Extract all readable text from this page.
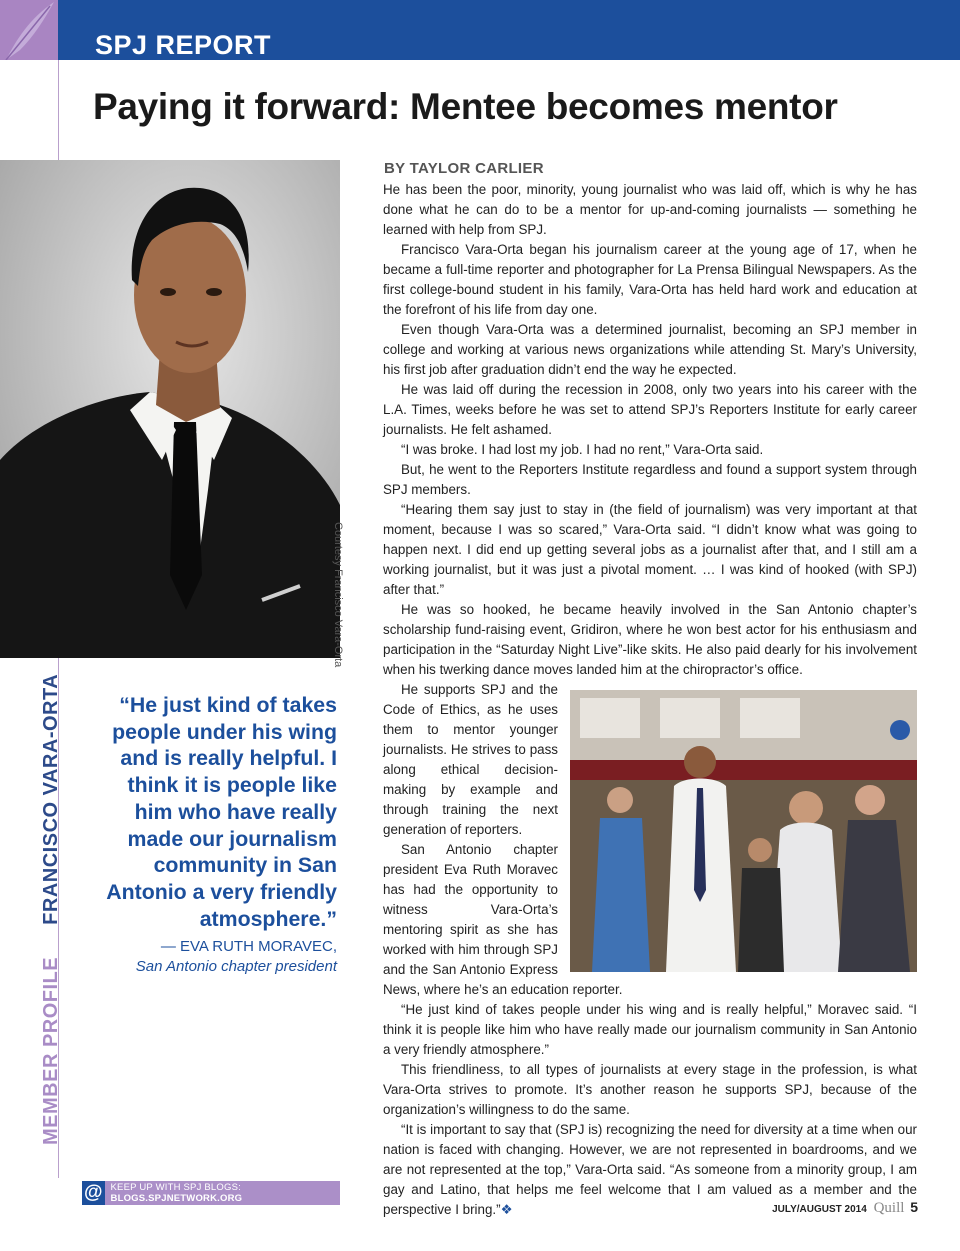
SPJ REPORT
Paying it forward: Mentee becomes mentor
Courtesy Francisco Vara-Orta
MEMBER PROFILE FRANCISCO VARA-ORTA	“He just kind of takes people under his wing and is really helpful. I think it is people like him who have really made our journalism community in San Antonio a very friendly atmosphere.”

— EVA RUTH MORAVEC,
San Antonio chapter president
BY TAYLOR CARLIER

He has been the poor, minority, young journalist who was laid off, which is why he has done what he can do to be a mentor for up-and-coming journalists — something he learned with help from SPJ.

Francisco Vara-Orta began his journalism career at the young age of 17, when he became a full-time reporter and photographer for La Prensa Bilingual Newspapers. As the first college-bound student in his family, Vara-Orta has held hard work and education at the forefront of his life from day one.

Even though Vara-Orta was a determined journalist, becoming an SPJ member in college and working at various news organizations while attending St. Mary’s University, his first job after graduation didn’t end the way he expected.

He was laid off during the recession in 2008, only two years into his career with the L.A. Times, weeks before he was set to attend SPJ’s Reporters Institute for early career journalists. He felt ashamed.

“I was broke. I had lost my job. I had no rent,” Vara-Orta said.

But, he went to the Reporters Institute regardless and found a support system through SPJ members.

“Hearing them say just to stay in (the field of journalism) was very important at that moment, because I was so scared,” Vara-Orta said. “I didn’t know what was going to happen next. I did end up getting several jobs as a journalist after that, and I still am a working journalist, but it was just a pivotal moment. … I was kind of hooked (with SPJ) after that.”

He was so hooked, he became heavily involved in the San Antonio chapter’s scholarship fund-raising event, Gridiron, where he won best actor for his enthusiasm and participation in the “Saturday Night Live”-like skits. He also paid dearly for his involvement when his twerking dance moves landed him at the chiropractor’s office.

He supports SPJ and the Code of Ethics, as he uses them to mentor younger journalists. He strives to pass along ethical decision-making by example and through training the next generation of reporters.

San Antonio chapter president Eva Ruth Moravec has had the opportunity to witness Vara-Orta’s mentoring spirit as she has worked with him through SPJ and the San Antonio Express News, where he’s an education reporter.

“He just kind of takes people under his wing and is really helpful,” Moravec said. “I think it is people like him who have really made our journalism community in San Antonio a very friendly atmosphere.”

This friendliness, to all types of journalists at every stage in the profession, is what Vara-Orta strives to promote. It’s another reason he supports SPJ, because of the organization’s willingness to do the same.

“It is important to say that (SPJ is) recognizing the need for diversity at a time when our nation is faced with changing. However, we are not represented in boardrooms, and we are not represented at the top,” Vara-Orta said. “As someone from a minority group, I am gay and Latino, that helps me feel welcome that I am valued as a member and the perspective I bring.”❖

@ KEEP UP WITH SPJ BLOGS: BLOGS.SPJNETWORK.ORG
JULY/AUGUST 2014 Quill 5
